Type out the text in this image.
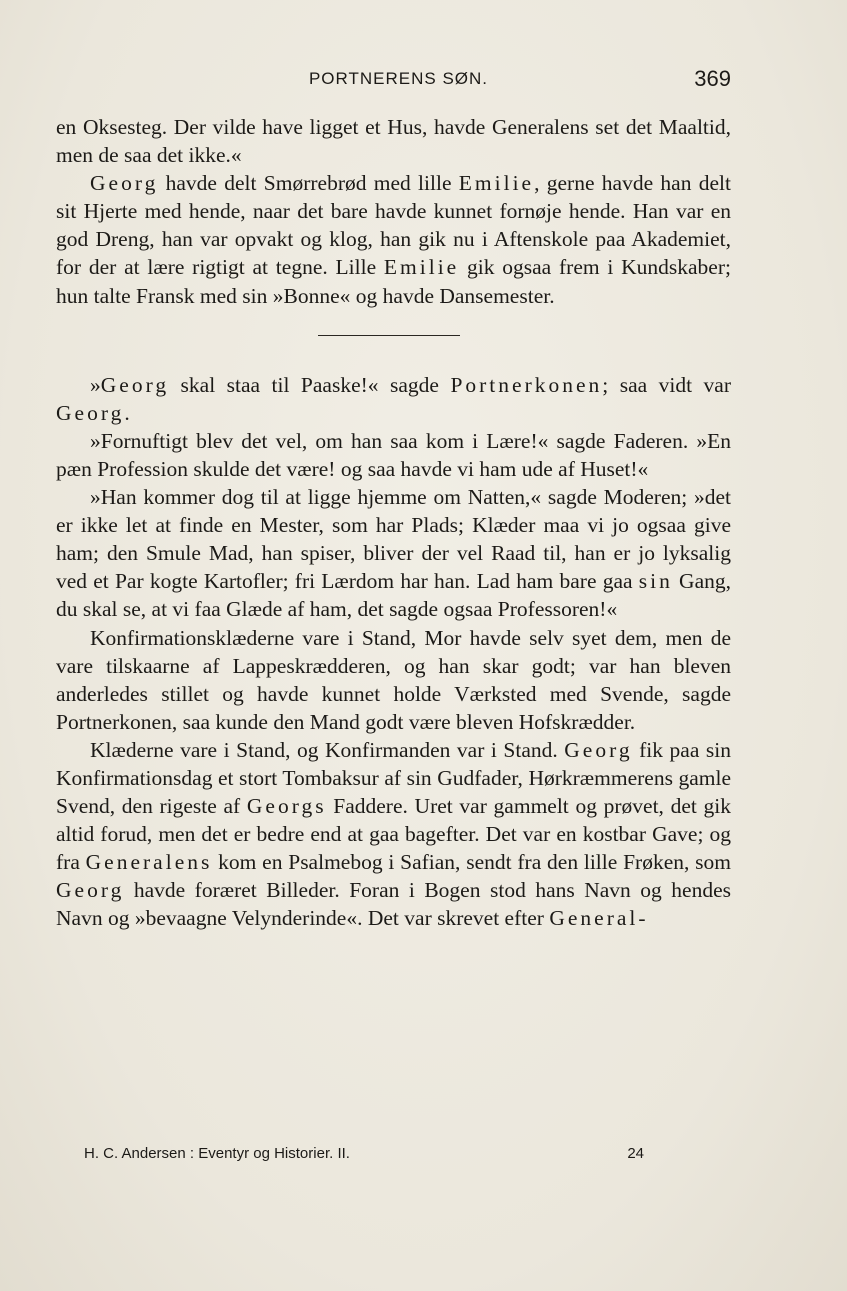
PORTNERENS SØN.	369

en Oksesteg. Der vilde have ligget et Hus, havde Generalens set det Maaltid, men de saa det ikke.«

Georg havde delt Smørrebrød med lille Emilie, gerne havde han delt sit Hjerte med hende, naar det bare havde kunnet fornøje hende. Han var en god Dreng, han var opvakt og klog, han gik nu i Aftenskole paa Akademiet, for der at lære rigtigt at tegne. Lille Emilie gik ogsaa frem i Kundskaber; hun talte Fransk med sin »Bonne« og havde Dansemester.

»Georg skal staa til Paaske!« sagde Portnerkonen; saa vidt var Georg.

»Fornuftigt blev det vel, om han saa kom i Lære!« sagde Faderen. »En pæn Profession skulde det være! og saa havde vi ham ude af Huset!«

»Han kommer dog til at ligge hjemme om Natten,« sagde Moderen; »det er ikke let at finde en Mester, som har Plads; Klæder maa vi jo ogsaa give ham; den Smule Mad, han spiser, bliver der vel Raad til, han er jo lyksalig ved et Par kogte Kartofler; fri Lærdom har han. Lad ham bare gaa sin Gang, du skal se, at vi faa Glæde af ham, det sagde ogsaa Professoren!«

Konfirmationsklæderne vare i Stand, Mor havde selv syet dem, men de vare tilskaarne af Lappeskrædderen, og han skar godt; var han bleven anderledes stillet og havde kunnet holde Værksted med Svende, sagde Portnerkonen, saa kunde den Mand godt være bleven Hofskrædder.

Klæderne vare i Stand, og Konfirmanden var i Stand. Georg fik paa sin Konfirmationsdag et stort Tombaksur af sin Gudfader, Hørkræmmerens gamle Svend, den rigeste af Georgs Faddere. Uret var gammelt og prøvet, det gik altid forud, men det er bedre end at gaa bagefter. Det var en kostbar Gave; og fra Generalens kom en Psalmebog i Safian, sendt fra den lille Frøken, som Georg havde foræret Billeder. Foran i Bogen stod hans Navn og hendes Navn og »bevaagne Velynderinde«. Det var skrevet efter General-

H. C. Andersen : Eventyr og Historier. II.	24
